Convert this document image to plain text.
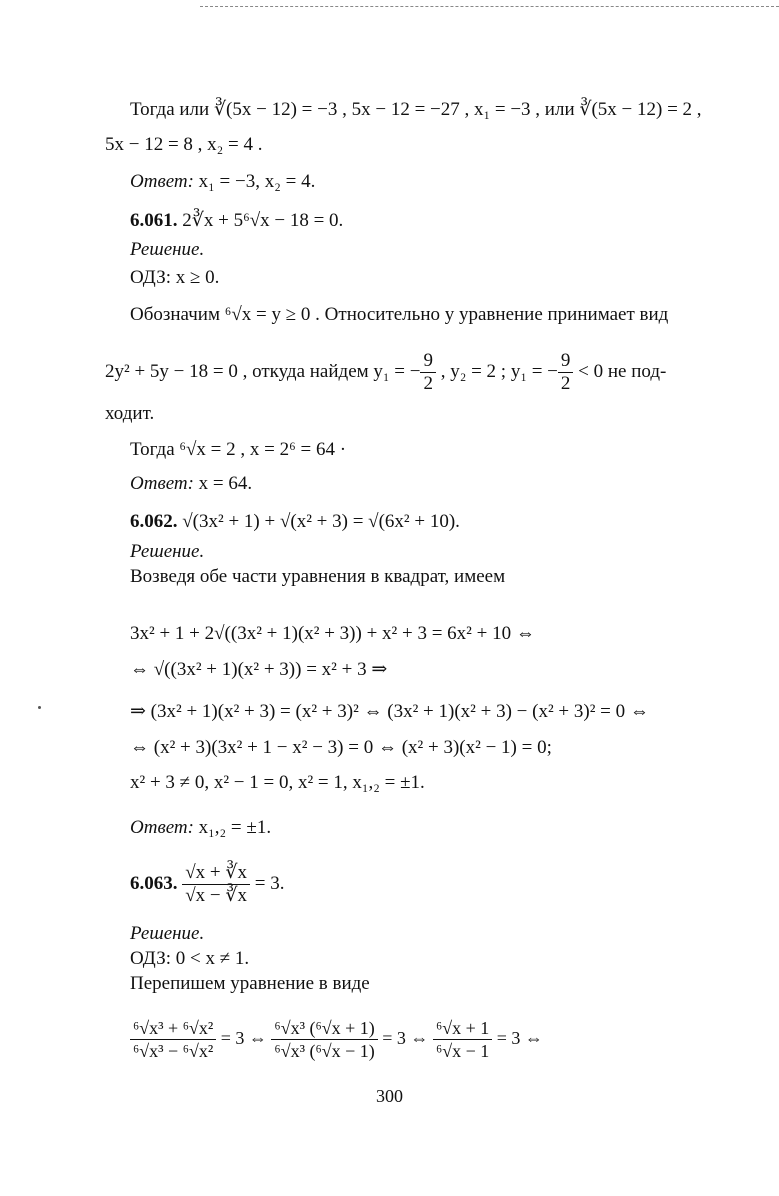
Тогда или ∛(5x − 12) = −3 , 5x − 12 = −27 , x₁ = −3 , или ∛(5x − 12) = 2 ,
5x − 12 = 8 , x₂ = 4 .
Ответ: x₁ = −3, x₂ = 4.
6.061. 2∛x + 5⁶√x − 18 = 0.
Решение.
ОДЗ: x ≥ 0.
Обозначим ⁶√x = y ≥ 0 . Относительно y уравнение принимает вид
2y² + 5y − 18 = 0 , откуда найдем y₁ = − $\frac{9}{2}$ , y₂ = 2 ; y₁ = − $\frac{9}{2} < 0$ не под-
ходит.
Тогда ⁶√x = 2 , x = 2⁶ = 64 ·
Ответ: x = 64.
6.062. √(3x² + 1) + √(x² + 3) = √(6x² + 10).
Решение.
Возведя обе части уравнения в квадрат, имеем
3x² + 1 + 2√((3x² + 1)(x² + 3)) + x² + 3 = 6x² + 10 ⇔
⇔ √((3x² + 1)(x² + 3)) = x² + 3 ⇒
⇒ (3x² + 1)(x² + 3) = (x² + 3)² ⇔ (3x² + 1)(x² + 3) − (x² + 3)² = 0 ⇔
⇔ (x² + 3)(3x² + 1 − x² − 3) = 0 ⇔ (x² + 3)(x² − 1) = 0;
x² + 3 ≠ 0, x² − 1 = 0, x² = 1, x₁,₂ = ±1.
Ответ: x₁,₂ = ±1.
6.063. $\frac{√x + ∛x}{√x - ∛x} = 3$.
Решение.
ОДЗ: 0 < x ≠ 1.
Перепишем уравнение в виде
$\frac{\text{⁶√x³ + ⁶√x²}}{\text{⁶√x³ − ⁶√x²}} = 3$ ⇔ $\frac{\text{⁶√x³ (⁶√x + 1)}}{\text{⁶√x³ (⁶√x − 1)}} = 3$ ⇔ $\frac{\text{⁶√x + 1}}{\text{⁶√x − 1}} = 3$ ⇔
300
